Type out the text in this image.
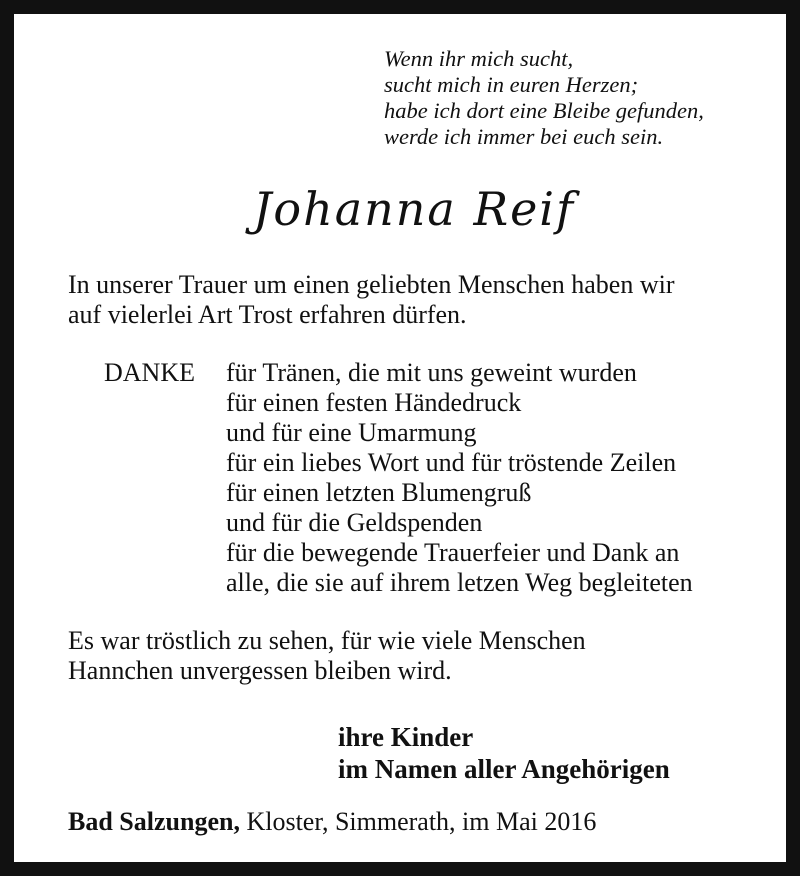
Wenn ihr mich sucht,
sucht mich in euren Herzen;
habe ich dort eine Bleibe gefunden,
werde ich immer bei euch sein.
Johanna Reif
In unserer Trauer um einen geliebten Menschen haben wir
auf vielerlei Art Trost erfahren dürfen.
DANKE für Tränen, die mit uns geweint wurden
für einen festen Händedruck
und für eine Umarmung
für ein liebes Wort und für tröstende Zeilen
für einen letzten Blumengruß
und für die Geldspenden
für die bewegende Trauerfeier und Dank an
alle, die sie auf ihrem letzen Weg begleiteten
Es war tröstlich zu sehen, für wie viele Menschen
Hannchen unvergessen bleiben wird.
ihre Kinder
im Namen aller Angehörigen
Bad Salzungen, Kloster, Simmerath, im Mai 2016
